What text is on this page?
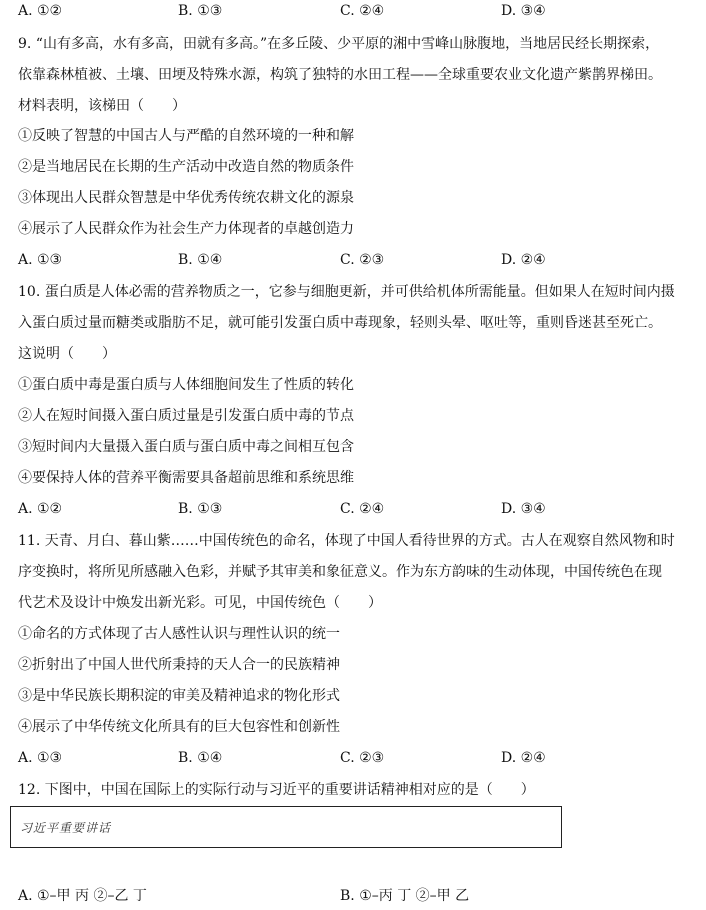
A. ①②	B. ①③	C. ②④	D. ③④
9. “山有多高，水有多高，田就有多高。”在多丘陵、少平原的湘中雪峰山脉腹地，当地居民经长期探索，
依靠森林植被、土壤、田埂及特殊水源，构筑了独特的水田工程——全球重要农业文化遗产紫鹊界梯田。
材料表明，该梯田（　　）
①反映了智慧的中国古人与严酷的自然环境的一种和解
②是当地居民在长期的生产活动中改造自然的物质条件
③体现出人民群众智慧是中华优秀传统农耕文化的源泉
④展示了人民群众作为社会生产力体现者的卓越创造力
A. ①③	B. ①④	C. ②③	D. ②④
10. 蛋白质是人体必需的营养物质之一，它参与细胞更新，并可供给机体所需能量。但如果人在短时间内摄
入蛋白质过量而糖类或脂肪不足，就可能引发蛋白质中毒现象，轻则头晕、呕吐等，重则昏迷甚至死亡。
这说明（　　）
①蛋白质中毒是蛋白质与人体细胞间发生了性质的转化
②人在短时间摄入蛋白质过量是引发蛋白质中毒的节点
③短时间内大量摄入蛋白质与蛋白质中毒之间相互包含
④要保持人体的营养平衡需要具备超前思维和系统思维
A. ①②	B. ①③	C. ②④	D. ③④
11. 天青、月白、暮山紫……中国传统色的命名，体现了中国人看待世界的方式。古人在观察自然风物和时
序变换时，将所见所感融入色彩，并赋予其审美和象征意义。作为东方韵味的生动体现，中国传统色在现
代艺术及设计中焕发出新光彩。可见，中国传统色（　　）
①命名的方式体现了古人感性认识与理性认识的统一
②折射出了中国人世代所秉持的天人合一的民族精神
③是中华民族长期积淀的审美及精神追求的物化形式
④展示了中华传统文化所具有的巨大包容性和创新性
A. ①③	B. ①④	C. ②③	D. ②④
12. 下图中，中国在国际上的实际行动与习近平的重要讲话精神相对应的是（　　）
习近平重要讲话
A. ①–甲 丙 ②–乙 丁	B. ①–丙 丁 ②–甲 乙
